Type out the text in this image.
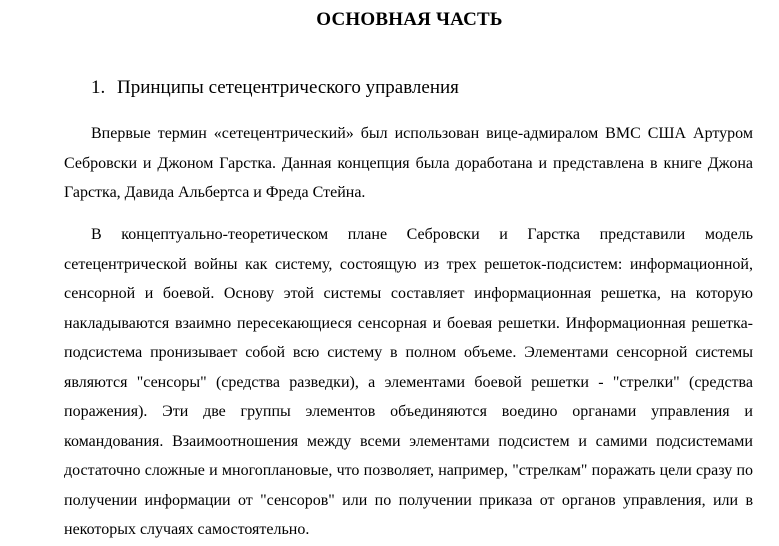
ОСНОВНАЯ ЧАСТЬ
1. Принципы сетецентрического управления

Впервые термин «сетецентрический» был использован вице-адмиралом ВМС США Артуром Себровски и Джоном Гарстка. Данная концепция была доработана и представлена в книге Джона Гарстка, Давида Альбертса и Фреда Стейна.

В концептуально-теоретическом плане Себровски и Гарстка представили модель сетецентрической войны как систему, состоящую из трех решеток-подсистем: информационной, сенсорной и боевой. Основу этой системы составляет информационная решетка, на которую накладываются взаимно пересекающиеся сенсорная и боевая решетки. Информационная решетка-подсистема пронизывает собой всю систему в полном объеме. Элементами сенсорной системы являются "сенсоры" (средства разведки), а элементами боевой решетки - "стрелки" (средства поражения). Эти две группы элементов объединяются воедино органами управления и командования. Взаимоотношения между всеми элементами подсистем и самими подсистемами достаточно сложные и многоплановые, что позволяет, например, "стрелкам" поражать цели сразу по получении информации от "сенсоров" или по получении приказа от органов управления, или в некоторых случаях самостоятельно.
